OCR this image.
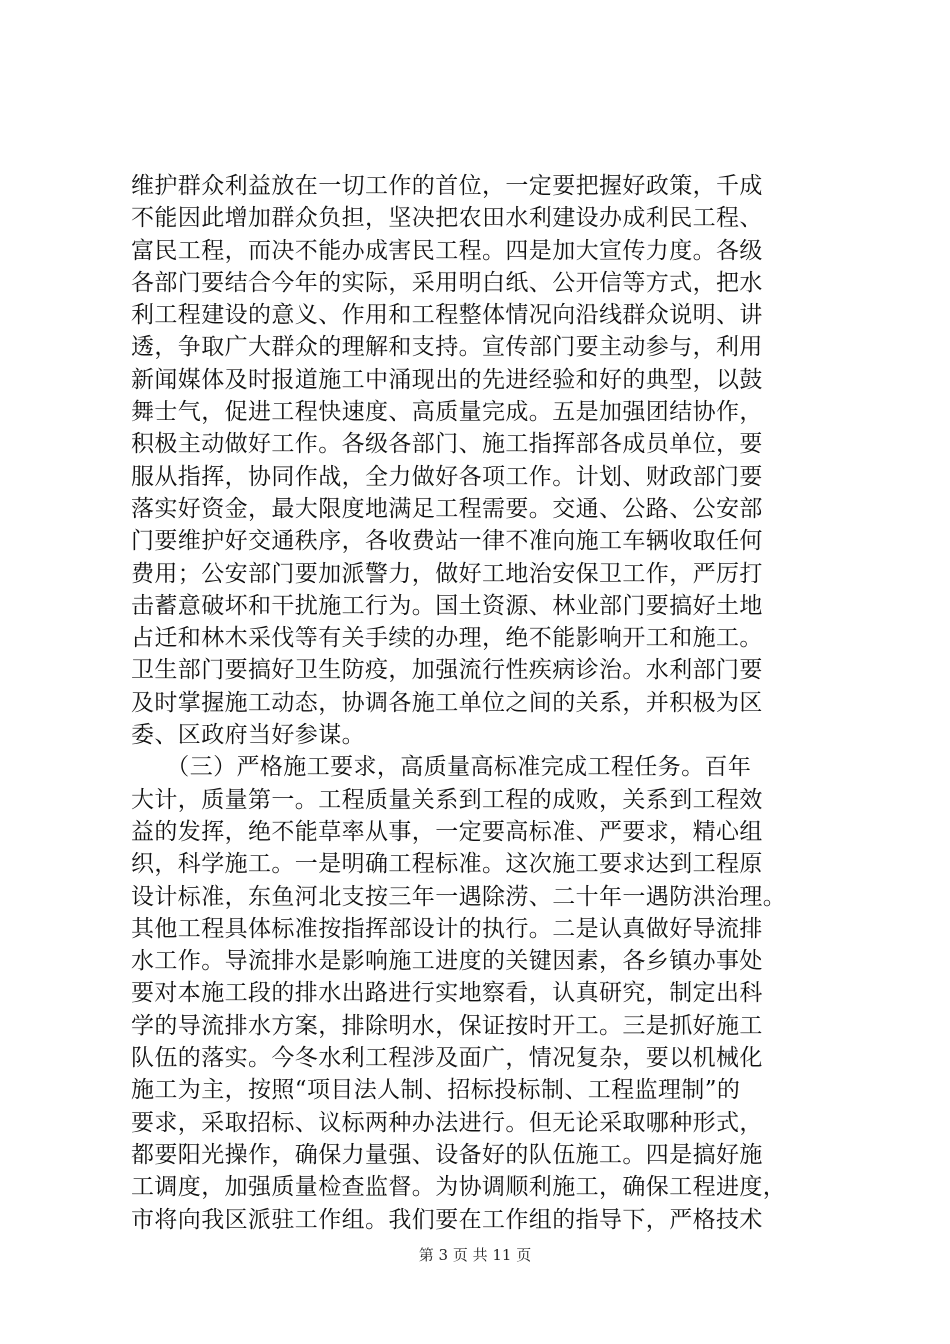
维护群众利益放在一切工作的首位，一定要把握好政策，千成
不能因此增加群众负担，坚决把农田水利建设办成利民工程、
富民工程，而决不能办成害民工程。四是加大宣传力度。各级
各部门要结合今年的实际，采用明白纸、公开信等方式，把水
利工程建设的意义、作用和工程整体情况向沿线群众说明、讲
透，争取广大群众的理解和支持。宣传部门要主动参与，利用
新闻媒体及时报道施工中涌现出的先进经验和好的典型，以鼓
舞士气，促进工程快速度、高质量完成。五是加强团结协作，
积极主动做好工作。各级各部门、施工指挥部各成员单位，要
服从指挥，协同作战，全力做好各项工作。计划、财政部门要
落实好资金，最大限度地满足工程需要。交通、公路、公安部
门要维护好交通秩序，各收费站一律不准向施工车辆收取任何
费用；公安部门要加派警力，做好工地治安保卫工作，严厉打
击蓄意破坏和干扰施工行为。国土资源、林业部门要搞好土地
占迁和林木采伐等有关手续的办理，绝不能影响开工和施工。
卫生部门要搞好卫生防疫，加强流行性疾病诊治。水利部门要
及时掌握施工动态，协调各施工单位之间的关系，并积极为区
委、区政府当好参谋。
　　（三）严格施工要求，高质量高标准完成工程任务。百年
大计，质量第一。工程质量关系到工程的成败，关系到工程效
益的发挥，绝不能草率从事，一定要高标准、严要求，精心组
织，科学施工。一是明确工程标准。这次施工要求达到工程原
设计标准，东鱼河北支按三年一遇除涝、二十年一遇防洪治理。
其他工程具体标准按指挥部设计的执行。二是认真做好导流排
水工作。导流排水是影响施工进度的关键因素，各乡镇办事处
要对本施工段的排水出路进行实地察看，认真研究，制定出科
学的导流排水方案，排除明水，保证按时开工。三是抓好施工
队伍的落实。今冬水利工程涉及面广，情况复杂，要以机械化
施工为主，按照“项目法人制、招标投标制、工程监理制”的
要求，采取招标、议标两种办法进行。但无论采取哪种形式，
都要阳光操作，确保力量强、设备好的队伍施工。四是搞好施
工调度，加强质量检查监督。为协调顺利施工，确保工程进度，
市将向我区派驻工作组。我们要在工作组的指导下，严格技术
第 3 页 共 11 页
